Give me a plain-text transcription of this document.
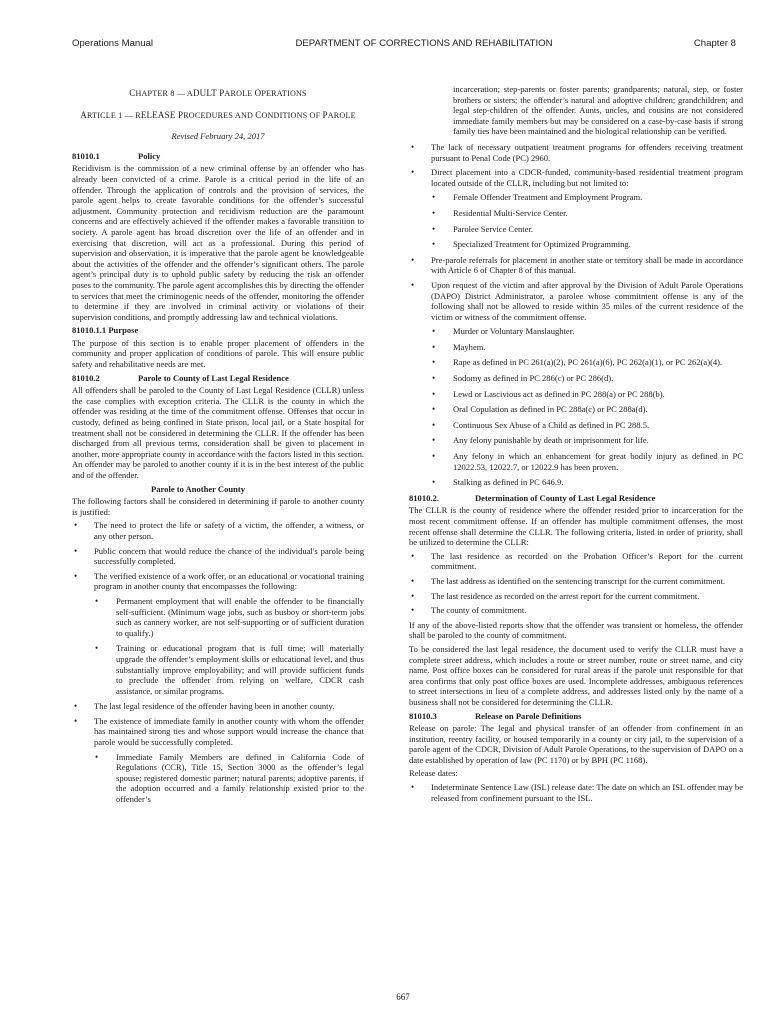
Operations Manual	DEPARTMENT OF CORRECTIONS AND REHABILITATION	Chapter 8
CHAPTER 8 — ADULT PAROLE OPERATIONS
ARTICLE 1 — RELEASE PROCEDURES AND CONDITIONS OF PAROLE
Revised February 24, 2017
81010.1	Policy

Recidivism is the commission of a new criminal offense by an offender who has already been convicted of a crime. Parole is a critical period in the life of an offender. Through the application of controls and the provision of services, the parole agent helps to create favorable conditions for the offender’s successful adjustment. Community protection and recidivism reduction are the paramount concerns and are effectively achieved if the offender makes a favorable transition to society. A parole agent has broad discretion over the life of an offender and in exercising that discretion, will act as a professional. During this period of supervision and observation, it is imperative that the parole agent be knowledgeable about the activities of the offender and the offender’s significant others. The parole agent’s principal duty is to uphold public safety by reducing the risk an offender poses to the community. The parole agent accomplishes this by directing the offender to services that meet the criminogenic needs of the offender, monitoring the offender to determine if they are involved in criminal activity or violations of their supervision conditions, and promptly addressing law and technical violations.

81010.1.1 Purpose

The purpose of this section is to enable proper placement of offenders in the community and proper application of conditions of parole. This will ensure public safety and rehabilitative needs are met.

81010.2	Parole to County of Last Legal Residence

All offenders shall be paroled to the County of Last Legal Residence (CLLR) unless the case complies with exception criteria. The CLLR is the county in which the offender was residing at the time of the commitment offense. Offenses that occur in custody, defined as being confined in State prison, local jail, or a State hospital for treatment shall not be considered in determining the CLLR. If the offender has been discharged from all previous terms, consideration shall be given to placement in another, more appropriate county in accordance with the factors listed in this section. An offender may be paroled to another county if it is in the best interest of the public and of the offender.

Parole to Another County

The following factors shall be considered in determining if parole to another county is justified:

• The need to protect the life or safety of a victim, the offender, a witness, or any other person.
• Public concern that would reduce the chance of the individual's parole being successfully completed.
• The verified existence of a work offer, or an educational or vocational training program in another county that encompasses the following:
• Permanent employment that will enable the offender to be financially self-sufficient. (Minimum wage jobs, such as busboy or short-term jobs such as cannery worker, are not self-supporting or of sufficient duration to qualify.)
• Training or educational program that is full time; will materially upgrade the offender’s employment skills or educational level, and thus substantially improve employability; and will provide sufficient funds to preclude the offender from relying on welfare, CDCR cash assistance, or similar programs.
• The last legal residence of the offender having been in another county.
• The existence of immediate family in another county with whom the offender has maintained strong ties and whose support would increase the chance that parole would be successfully completed.
• Immediate Family Members are defined in California Code of Regulations (CCR), Title 15, Section 3000 as the offender’s legal spouse; registered domestic partner; natural parents; adoptive parents, if the adoption occurred and a family relationship existed prior to the offender’s
incarceration; step-parents or foster parents; grandparents; natural, step, or foster brothers or sisters; the offender’s natural and adoptive children; grandchildren; and legal step-children of the offender. Aunts, uncles, and cousins are not considered immediate family members but may be considered on a case-by-case basis if strong family ties have been maintained and the biological relationship can be verified.
• The lack of necessary outpatient treatment programs for offenders receiving treatment pursuant to Penal Code (PC) 2960.
• Direct placement into a CDCR-funded, community-based residential treatment program located outside of the CLLR, including but not limited to:
• Female Offender Treatment and Employment Program.
• Residential Multi-Service Center.
• Parolee Service Center.
• Specialized Treatment for Optimized Programming.
• Pre-parole referrals for placement in another state or territory shall be made in accordance with Article 6 of Chapter 8 of this manual.
• Upon request of the victim and after approval by the Division of Adult Parole Operations (DAPO) District Administrator, a parolee whose commitment offense is any of the following shall not be allowed to reside within 35 miles of the current residence of the victim or witness of the commitment offense.
• Murder or Voluntary Manslaughter.
• Mayhem.
• Rape as defined in PC 261(a)(2), PC 261(a)(6), PC 262(a)(1), or PC 262(a)(4).
• Sodomy as defined in PC 286(c) or PC 286(d).
• Lewd or Lascivious act as defined in PC 288(a) or PC 288(b).
• Oral Copulation as defined in PC 288a(c) or PC 288a(d).
• Continuous Sex Abuse of a Child as defined in PC 288.5.
• Any felony punishable by death or imprisonment for life.
• Any felony in which an enhancement for great bodily injury as defined in PC 12022.53, 12022.7, or 12022.9 has been proven.
• Stalking as defined in PC 646.9.
81010.2.	Determination of County of Last Legal Residence

The CLLR is the county of residence where the offender resided prior to incarceration for the most recent commitment offense. If an offender has multiple commitment offenses, the most recent offense shall determine the CLLR. The following criteria, listed in order of priority, shall be utilized to determine the CLLR:

• The last residence as recorded on the Probation Officer’s Report for the current commitment.
• The last address as identified on the sentencing transcript for the current commitment.
• The last residence as recorded on the arrest report for the current commitment.
• The county of commitment.

If any of the above-listed reports show that the offender was transient or homeless, the offender shall be paroled to the county of commitment.

To be considered the last legal residence, the document used to verify the CLLR must have a complete street address, which includes a route or street number, route or street name, and city name. Post office boxes can be considered for rural areas if the parole unit responsible for that area confirms that only post office boxes are used. Incomplete addresses, ambiguous references to street intersections in lieu of a complete address, and addresses listed only by the name of a business shall not be considered for determining the CLLR.

81010.3	Release on Parole Definitions

Release on parole: The legal and physical transfer of an offender from confinement in an institution, reentry facility, or housed temporarily in a county or city jail, to the supervision of a parole agent of the CDCR, Division of Adult Parole Operations, to the supervision of DAPO on a date established by operation of law (PC 1170) or by BPH (PC 1168).

Release dates:

• Indeterminate Sentence Law (ISL) release date: The date on which an ISL offender may be released from confinement pursuant to the ISL.
667
